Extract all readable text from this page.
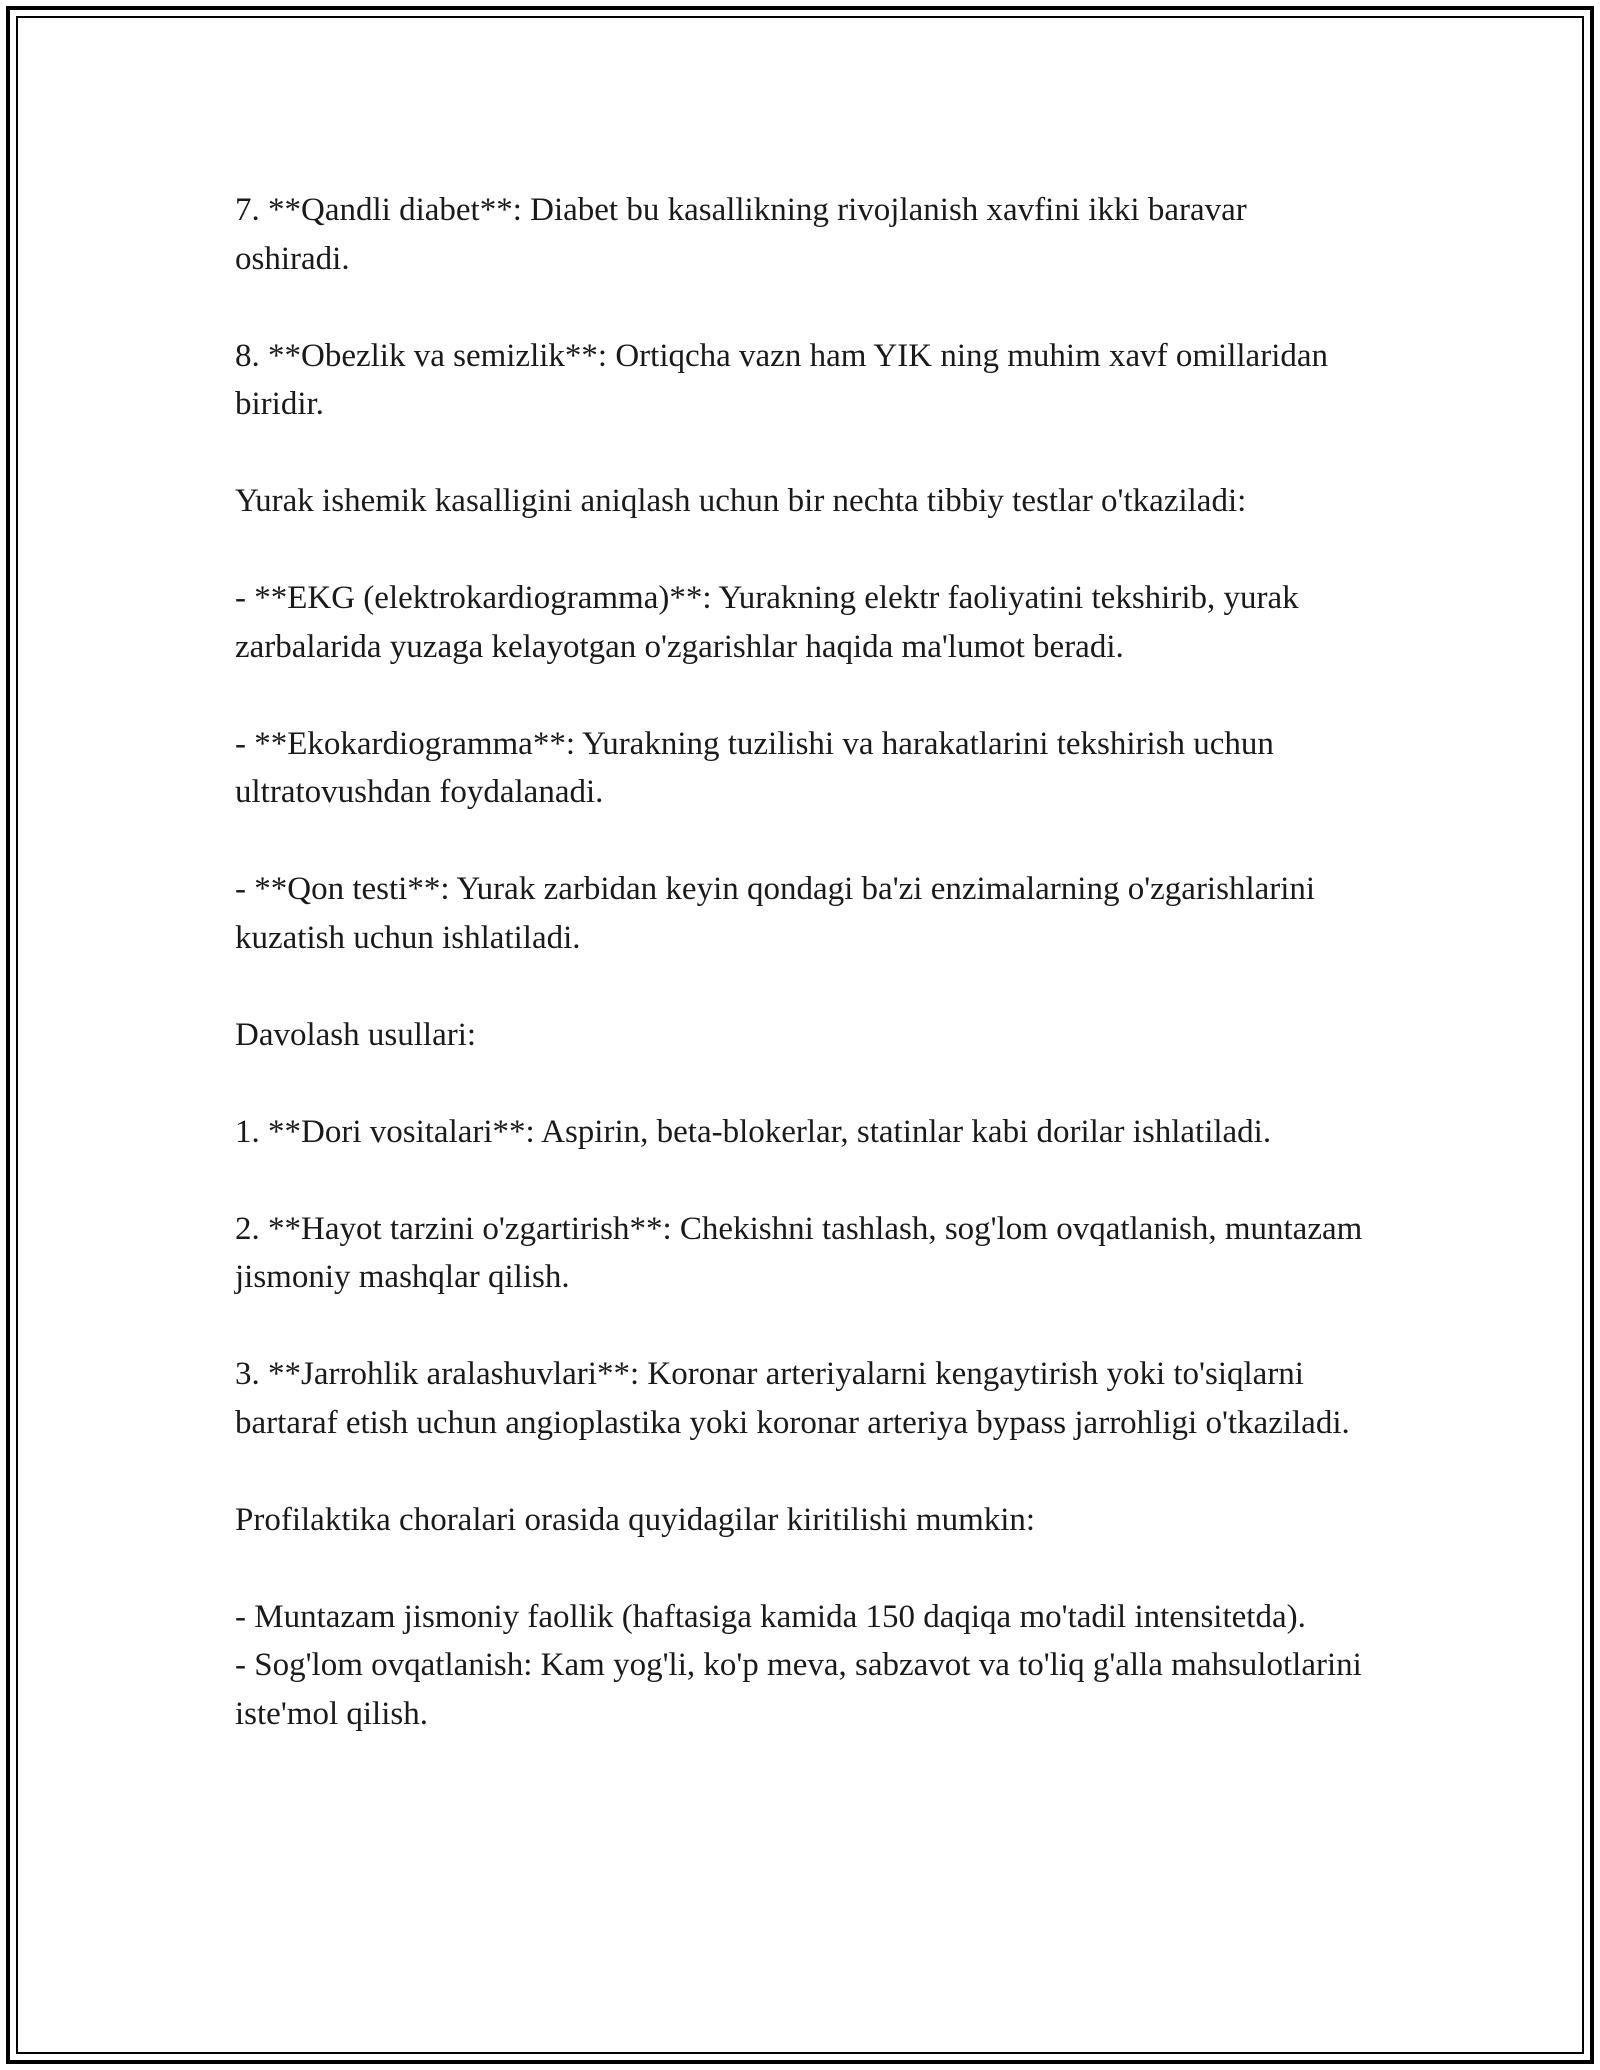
7. **Qandli diabet**: Diabet bu kasallikning rivojlanish xavfini ikki baravar oshiradi.

8. **Obezlik va semizlik**: Ortiqcha vazn ham YIK ning muhim xavf omillaridan biridir.

Yurak ishemik kasalligini aniqlash uchun bir nechta tibbiy testlar o'tkaziladi:

- **EKG (elektrokardiogramma)**: Yurakning elektr faoliyatini tekshirib, yurak zarbalarida yuzaga kelayotgan o'zgarishlar haqida ma'lumot beradi.

- **Ekokardiogramma**: Yurakning tuzilishi va harakatlarini tekshirish uchun ultratovushdan foydalanadi.

- **Qon testi**: Yurak zarbidan keyin qondagi ba'zi enzimalarning o'zgarishlarini kuzatish uchun ishlatiladi.

Davolash usullari:

1. **Dori vositalari**: Aspirin, beta-blokerlar, statinlar kabi dorilar ishlatiladi.

2. **Hayot tarzini o'zgartirish**: Chekishni tashlash, sog'lom ovqatlanish, muntazam jismoniy mashqlar qilish.

3. **Jarrohlik aralashuvlari**: Koronar arteriyalarni kengaytirish yoki to'siqlarni bartaraf etish uchun angioplastika yoki koronar arteriya bypass jarrohligi o'tkaziladi.

Profilaktika choralari orasida quyidagilar kiritilishi mumkin:

- Muntazam jismoniy faollik (haftasiga kamida 150 daqiqa mo'tadil intensitetda).

- Sog'lom ovqatlanish: Kam yog'li, ko'p meva, sabzavot va to'liq g'alla mahsulotlarini iste'mol qilish.
